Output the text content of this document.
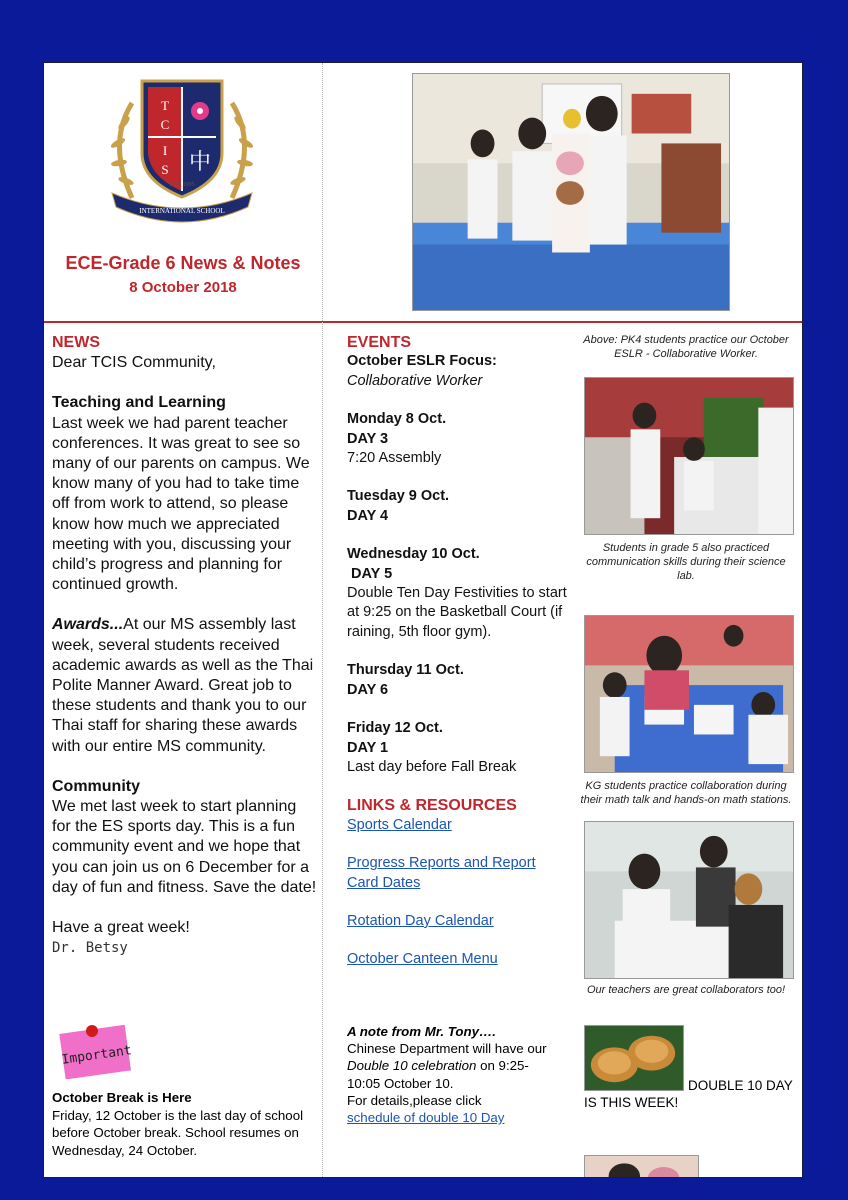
T
C
I
S 中
EST. 1995
INTERNATIONAL SCHOOL
ECE-Grade 6 News & Notes
8 October 2018
NEWS
Dear TCIS Community,
Teaching and Learning
Last week we had parent teacher conferences. It was great to see so many of our parents on campus. We know many of you had to take time off from work to attend, so please know how much we appreciated meeting with you, discussing your child’s progress and planning for continued growth.
Awards...At our MS assembly last week, several students received academic awards as well as the Thai Polite Manner Award. Great job to these students and thank you to our Thai staff for sharing these awards with our entire MS community.
Community
We met last week to start planning for the ES sports day. This is a fun community event and we hope that you can join us on 6 December for a day of fun and fitness. Save the date!
Have a great week!
Dr. Betsy
Important
October Break is Here
Friday, 12 October is the last day of school before October break. School resumes on Wednesday, 24 October.
EVENTS
October ESLR Focus:
Collaborative Worker
Monday 8 Oct.
DAY 3
7:20 Assembly
Tuesday 9 Oct.
DAY 4
Wednesday 10 Oct.
DAY 5
Double Ten Day Festivities to start at 9:25 on the Basketball Court (if raining, 5th floor gym).
Thursday 11 Oct.
DAY 6
Friday 12 Oct.
DAY 1
Last day before Fall Break
LINKS & RESOURCES
Sports Calendar
Progress Reports and Report Card Dates
Rotation Day Calendar
October Canteen Menu
A note from Mr. Tony….
Chinese Department will have our Double 10 celebration on 9:25-10:05 October 10.
For details,please click
schedule of double 10 Day
Above: PK4 students practice our October ESLR - Collaborative Worker.
Students in grade 5 also practiced communication skills during their science lab.
KG students practice collaboration during their math talk and hands-on math stations.
Our teachers are great collaborators too!
DOUBLE 10 DAY IS THIS WEEK!
